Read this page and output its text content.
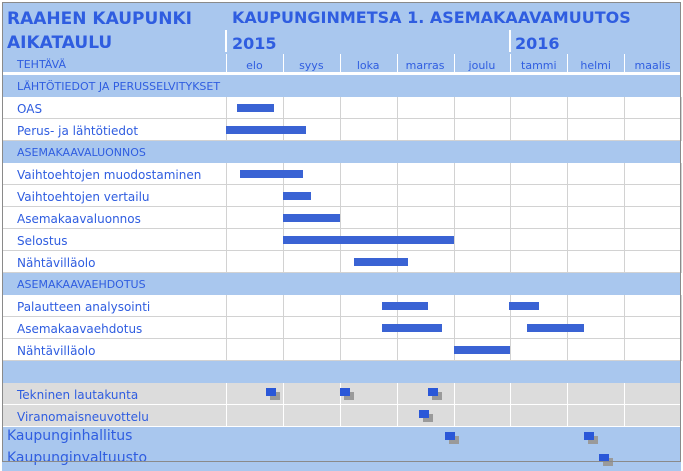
RAAHEN KAUPUNKI
AIKATAULU
KAUPUNGINMETSA 1. ASEMAKAAVAMUUTOS
2015	2016
TEHTÄVÄ	elo	syys	loka	marras	joulu	tammi	helmi	maalis
LÄHTÖTIEDOT JA PERUSSELVITYKSET
OAS
Perus- ja lähtötiedot
ASEMAKAAVALUONNOS
Vaihtoehtojen muodostaminen
Vaihtoehtojen vertailu
Asemakaavaluonnos
Selostus
Nähtävilläolo
ASEMAKAAVAEHDOTUS
Palautteen analysointi
Asemakaavaehdotus
Nähtävilläolo
Tekninen lautakunta
Viranomaisneuvottelu
Kaupunginhallitus
Kaupunginvaltuusto
